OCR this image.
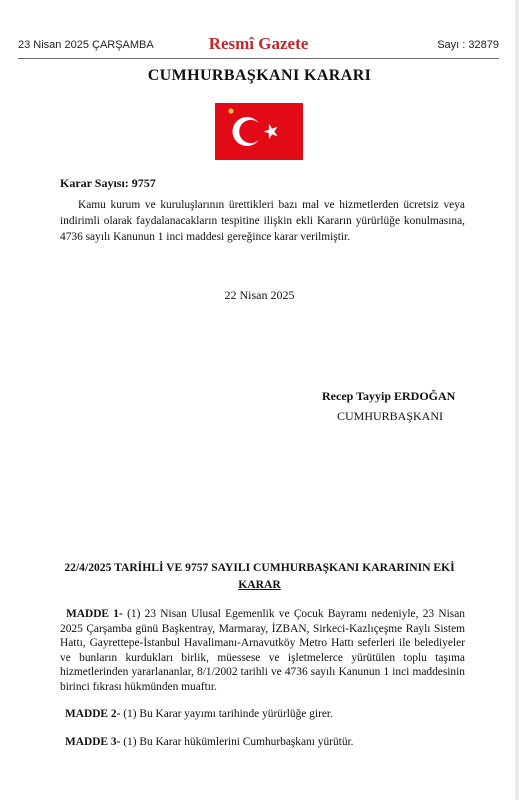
23 Nisan 2025 ÇARŞAMBA	Resmî Gazete	Sayı : 32879
CUMHURBAŞKANI KARARI
Karar Sayısı: 9757

Kamu kurum ve kuruluşlarının ürettikleri bazı mal ve hizmetlerden ücretsiz veya indirimli olarak faydalanacakların tespitine ilişkin ekli Kararın yürürlüğe konulmasına, 4736 sayılı Kanunun 1 inci maddesi gereğince karar verilmiştir.

22 Nisan 2025
Recep Tayyip ERDOĞAN
CUMHURBAŞKANI
22/4/2025 TARİHLİ VE 9757 SAYILI CUMHURBAŞKANI KARARININ EKİ
KARAR

MADDE 1- (1) 23 Nisan Ulusal Egemenlik ve Çocuk Bayramı nedeniyle, 23 Nisan 2025 Çarşamba günü Başkentray, Marmaray, İZBAN, Sirkeci-Kazlıçeşme Raylı Sistem Hattı, Gayrettepe-İstanbul Havalimanı-Arnavutköy Metro Hattı seferleri ile belediyeler ve bunların kurdukları birlik, müessese ve işletmelerce yürütülen toplu taşıma hizmetlerinden yararlananlar, 8/1/2002 tarihli ve 4736 sayılı Kanunun 1 inci maddesinin birinci fıkrası hükmünden muaftır.

MADDE 2- (1) Bu Karar yayımı tarihinde yürürlüğe girer.
MADDE 3- (1) Bu Karar hükümlerini Cumhurbaşkanı yürütür.
